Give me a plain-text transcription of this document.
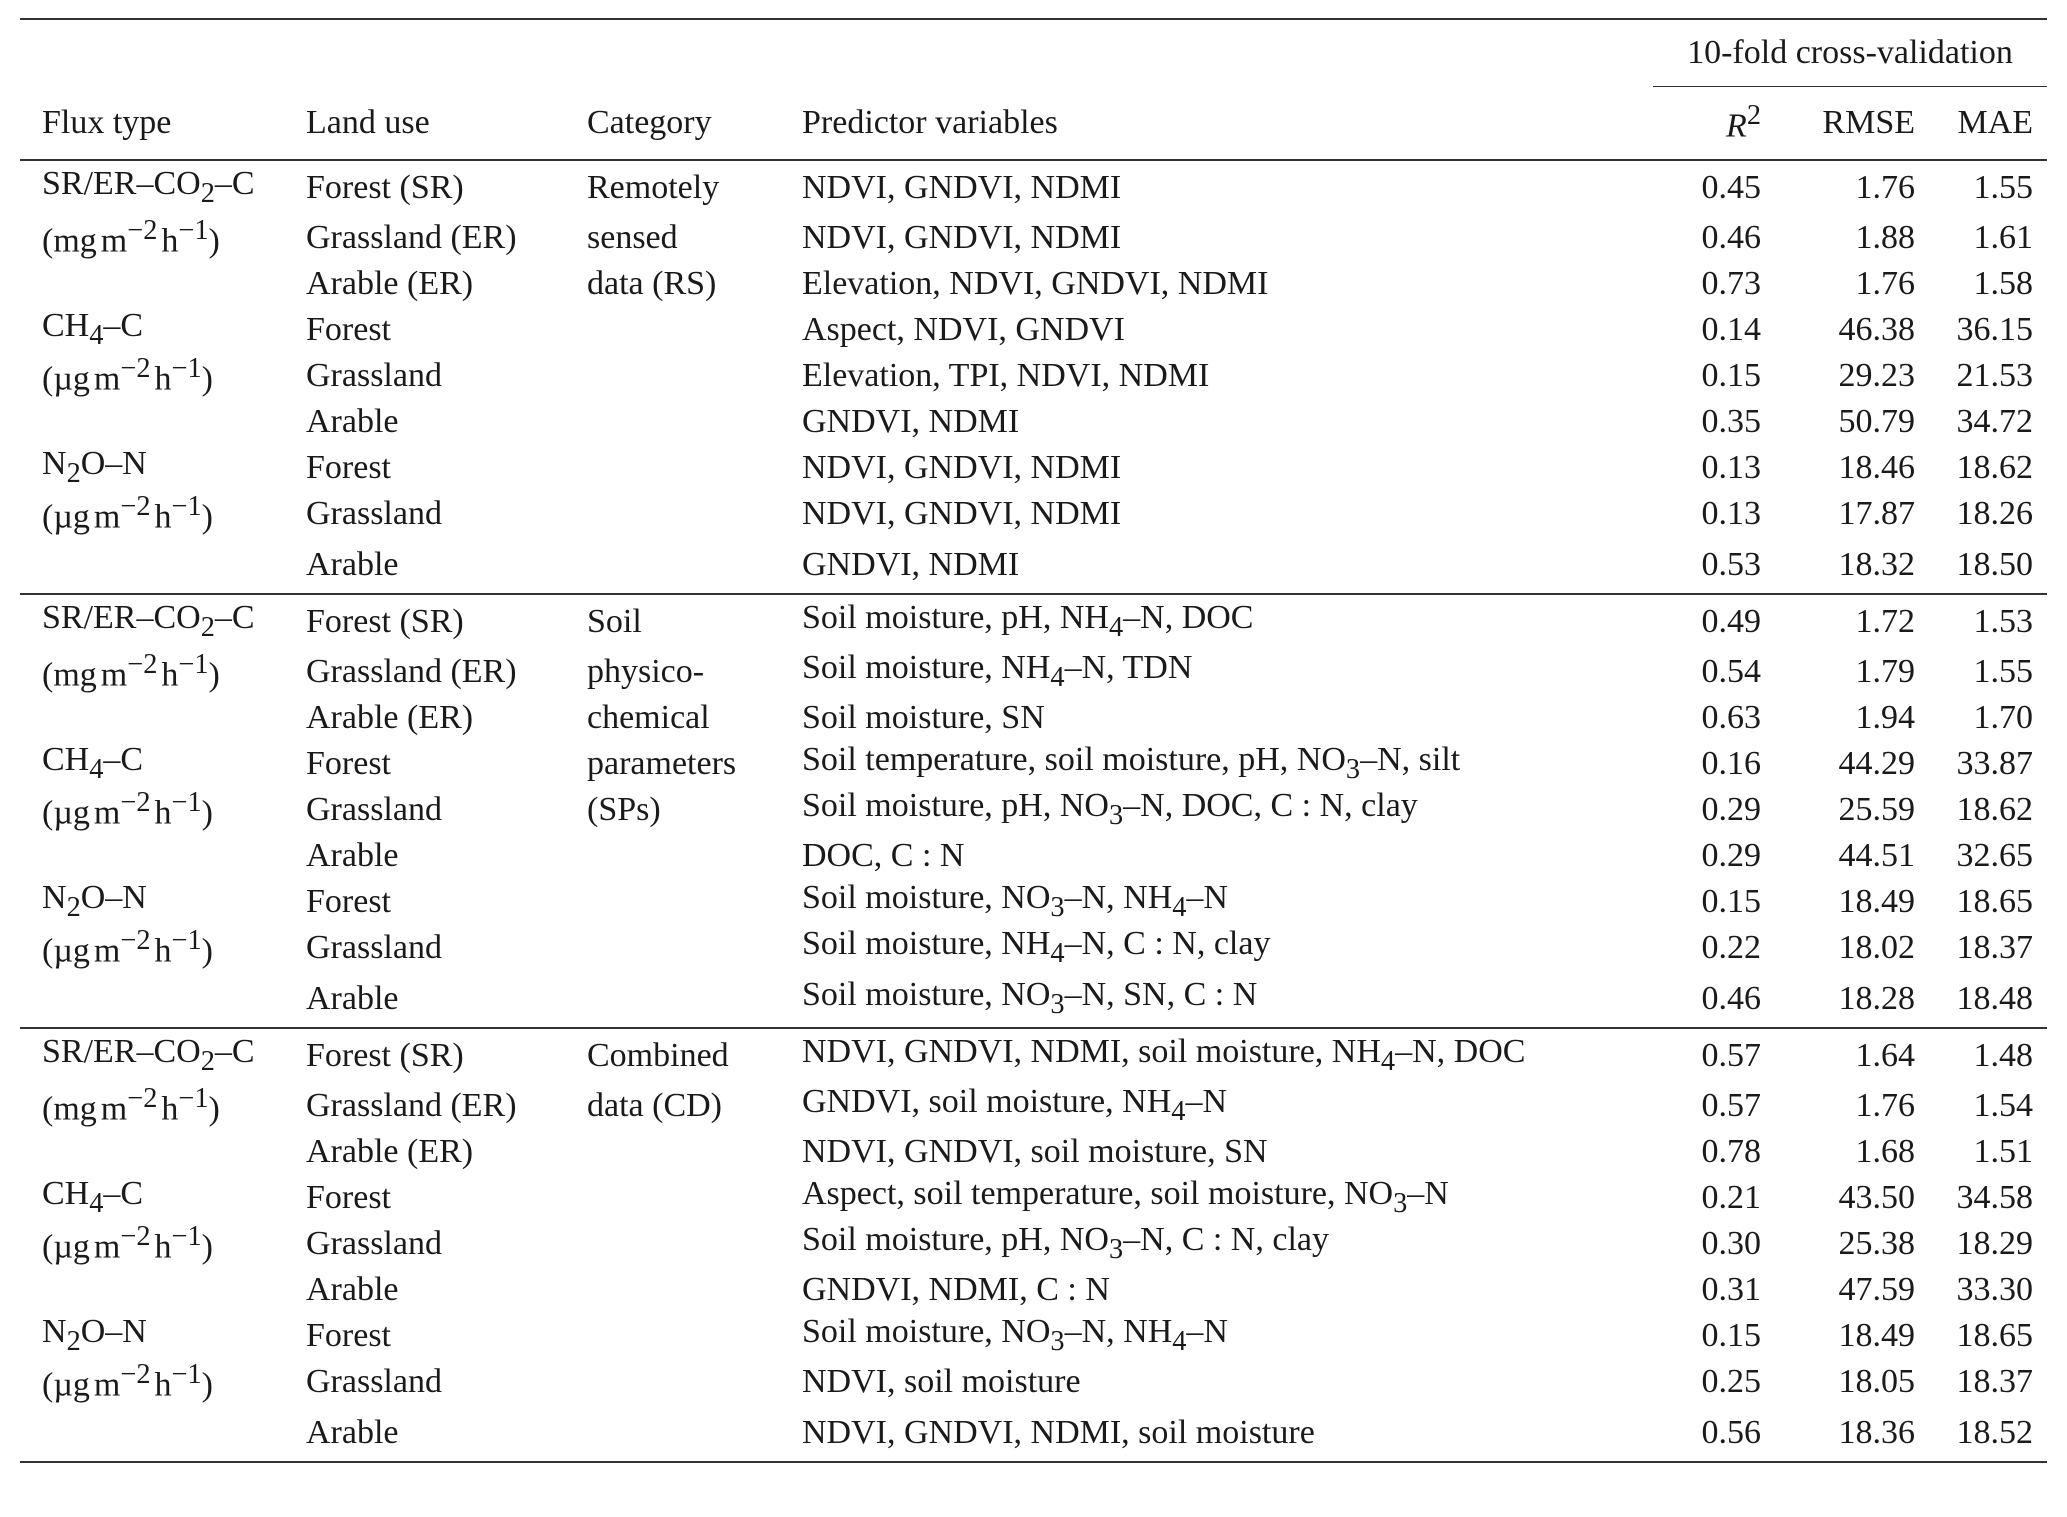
				10-fold cross-validation		
Flux type	Land use	Category	Predictor variables	$R^2$	RMSE	MAE
$SR/ER-CO_2-C$	Forest (SR)	Remotely	NDVI, GNDVI, NDMI	0.45	1.76	1.55
(mg $m^{-2}$ $h^{-1}$)	Grassland (ER)	sensed	NDVI, GNDVI, NDMI	0.46	1.88	1.61
	Arable (ER)	data (RS)	Elevation, NDVI, GNDVI, NDMI	0.73	1.76	1.58
$CH_4-C$	Forest		Aspect, NDVI, GNDVI	0.14	46.38	36.15
(µg $m^{-2}$ $h^{-1}$)	Grassland		Elevation, TPI, NDVI, NDMI	0.15	29.23	21.53
	Arable		GNDVI, NDMI	0.35	50.79	34.72
$N_2O-N$	Forest		NDVI, GNDVI, NDMI	0.13	18.46	18.62
(µg $m^{-2}$ $h^{-1}$)	Grassland		NDVI, GNDVI, NDMI	0.13	17.87	18.26
	Arable		GNDVI, NDMI	0.53	18.32	18.50
$SR/ER-CO_2-C$	Forest (SR)	Soil	Soil moisture, pH, $NH_4-N$, DOC	0.49	1.72	1.53
(mg $m^{-2}$ $h^{-1}$)	Grassland (ER)	physico-	Soil moisture, $NH_4-N$, TDN	0.54	1.79	1.55
	Arable (ER)	chemical	Soil moisture, SN	0.63	1.94	1.70
$CH_4-C$	Forest	parameters	Soil temperature, soil moisture, pH, $NO_3-N$, silt	0.16	44.29	33.87
(µg $m^{-2}$ $h^{-1}$)	Grassland	(SPs)	Soil moisture, pH, $NO_3-N$, DOC, C : N, clay	0.29	25.59	18.62
	Arable		DOC, C : N	0.29	44.51	32.65
$N_2O-N$	Forest		Soil moisture, $NO_3-N$, $NH_4-N$	0.15	18.49	18.65
(µg $m^{-2}$ $h^{-1}$)	Grassland		Soil moisture, $NH_4-N$, C : N, clay	0.22	18.02	18.37
	Arable		Soil moisture, $NO_3-N$, SN, C : N	0.46	18.28	18.48
$SR/ER-CO_2-C$	Forest (SR)	Combined	NDVI, GNDVI, NDMI, soil moisture, $NH_4-N$, DOC	0.57	1.64	1.48
(mg $m^{-2}$ $h^{-1}$)	Grassland (ER)	data (CD)	GNDVI, soil moisture, $NH_4-N$	0.57	1.76	1.54
	Arable (ER)		NDVI, GNDVI, soil moisture, SN	0.78	1.68	1.51
$CH_4-C$	Forest		Aspect, soil temperature, soil moisture, $NO_3-N$	0.21	43.50	34.58
(µg $m^{-2}$ $h^{-1}$)	Grassland		Soil moisture, pH, $NO_3-N$, C : N, clay	0.30	25.38	18.29
	Arable		GNDVI, NDMI, C : N	0.31	47.59	33.30
$N_2O-N$	Forest		Soil moisture, $NO_3-N$, $NH_4-N$	0.15	18.49	18.65
(µg $m^{-2}$ $h^{-1}$)	Grassland		NDVI, soil moisture	0.25	18.05	18.37
	Arable		NDVI, GNDVI, NDMI, soil moisture	0.56	18.36	18.52
